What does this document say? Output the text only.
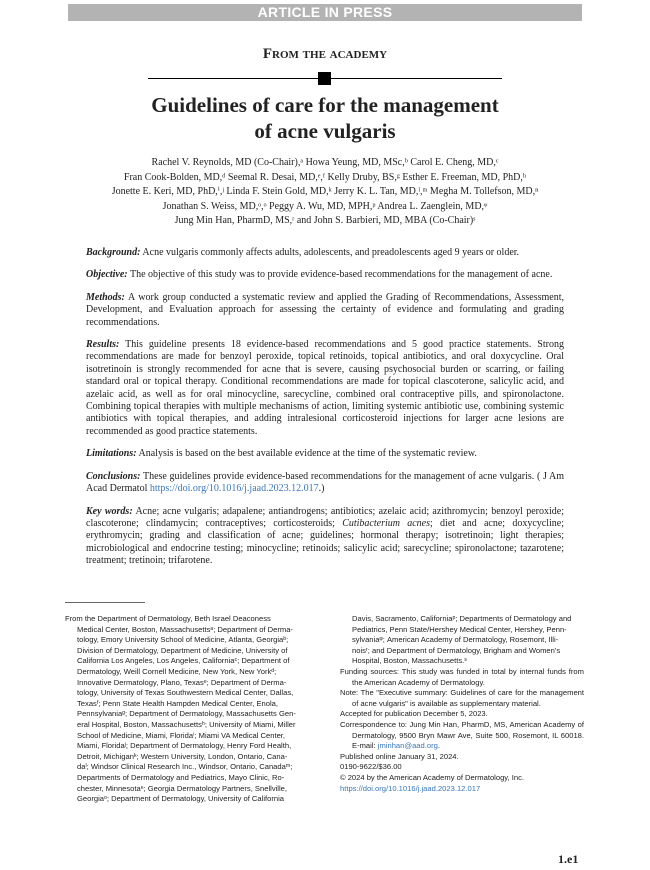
ARTICLE IN PRESS
From the academy
Guidelines of care for the management
of acne vulgaris
Rachel V. Reynolds, MD (Co-Chair),ᵃ Howa Yeung, MD, MSc,ᵇ Carol E. Cheng, MD,ᶜ
Fran Cook-Bolden, MD,ᵈ Seemal R. Desai, MD,ᵉ,ᶠ Kelly Druby, BS,ᵍ Esther E. Freeman, MD, PhD,ʰ
Jonette E. Keri, MD, PhD,ⁱ,ʲ Linda F. Stein Gold, MD,ᵏ Jerry K. L. Tan, MD,ˡ,ᵐ Megha M. Tollefson, MD,ⁿ
Jonathan S. Weiss, MD,ᵒ,ᵒ Peggy A. Wu, MD, MPH,ᵖ Andrea L. Zaenglein, MD,ᵠ
Jung Min Han, PharmD, MS,ʳ and John S. Barbieri, MD, MBA (Co-Chair)ˢ

Background: Acne vulgaris commonly affects adults, adolescents, and preadolescents aged 9 years or older.

Objective: The objective of this study was to provide evidence-based recommendations for the management of acne.

Methods: A work group conducted a systematic review and applied the Grading of Recommendations, Assessment, Development, and Evaluation approach for assessing the certainty of evidence and formulating and grading recommendations.

Results: This guideline presents 18 evidence-based recommendations and 5 good practice statements. Strong recommendations are made for benzoyl peroxide, topical retinoids, topical antibiotics, and oral doxycycline. Oral isotretinoin is strongly recommended for acne that is severe, causing psychosocial burden or scarring, or failing standard oral or topical therapy. Conditional recommendations are made for topical clascoterone, salicylic acid, and azelaic acid, as well as for oral minocycline, sarecycline, combined oral contraceptive pills, and spironolactone. Combining topical therapies with multiple mechanisms of action, limiting systemic antibiotic use, combining systemic antibiotics with topical therapies, and adding intralesional corticosteroid injections for larger acne lesions are recommended as good practice statements.

Limitations: Analysis is based on the best available evidence at the time of the systematic review.

Conclusions: These guidelines provide evidence-based recommendations for the management of acne vulgaris. ( J Am Acad Dermatol https://doi.org/10.1016/j.jaad.2023.12.017.)

Key words: Acne; acne vulgaris; adapalene; antiandrogens; antibiotics; azelaic acid; azithromycin; benzoyl peroxide; clascoterone; clindamycin; contraceptives; corticosteroids; Cutibacterium acnes; diet and acne; doxycycline; erythromycin; grading and classification of acne; guidelines; hormonal therapy; isotretinoin; light therapies; microbiological and endocrine testing; minocycline; retinoids; salicylic acid; sarecycline; spironolactone; tazarotene; treatment; tretinoin; trifarotene.

From the Department of Dermatology, Beth Israel Deaconess
Medical Center, Boston, Massachusettsᵃ; Department of Derma-
tology, Emory University School of Medicine, Atlanta, Georgiaᵇ;
Division of Dermatology, Department of Medicine, University of
California Los Angeles, Los Angeles, Californiaᶜ; Department of
Dermatology, Weill Cornell Medicine, New York, New Yorkᵈ;
Innovative Dermatology, Plano, Texasᵉ; Department of Derma-
tology, University of Texas Southwestern Medical Center, Dallas,
Texasᶠ; Penn State Health Hampden Medical Center, Enola,
Pennsylvaniaᵍ; Department of Dermatology, Massachusetts Gen-
eral Hospital, Boston, Massachusettsʰ; University of Miami, Miller
School of Medicine, Miami, Floridaⁱ; Miami VA Medical Center,
Miami, Floridaʲ; Department of Dermatology, Henry Ford Health,
Detroit, Michiganᵏ; Western University, London, Ontario, Cana-
daˡ; Windsor Clinical Research Inc., Windsor, Ontario, Canadaᵐ;
Departments of Dermatology and Pediatrics, Mayo Clinic, Ro-
chester, Minnesotaⁿ; Georgia Dermatology Partners, Snellville,
Georgiaᵒ; Department of Dermatology, University of California
Davis, Sacramento, Californiaᵖ; Departments of Dermatology and
Pediatrics, Penn State/Hershey Medical Center, Hershey, Penn-
sylvaniaᵠ; American Academy of Dermatology, Rosemont, Illi-
noisʳ; and Department of Dermatology, Brigham and Women's
Hospital, Boston, Massachusetts.ˢ
Funding sources: This study was funded in total by internal funds from the American Academy of Dermatology.
Note: The "Executive summary: Guidelines of care for the management of acne vulgaris" is available as supplementary material.
Accepted for publication December 5, 2023.
Correspondence to: Jung Min Han, PharmD, MS, American Academy of Dermatology, 9500 Bryn Mawr Ave, Suite 500, Rosemont, IL 60018. E-mail: jminhan@aad.org.
Published online January 31, 2024.
0190-9622/$36.00
© 2024 by the American Academy of Dermatology, Inc.
https://doi.org/10.1016/j.jaad.2023.12.017
1.e1
